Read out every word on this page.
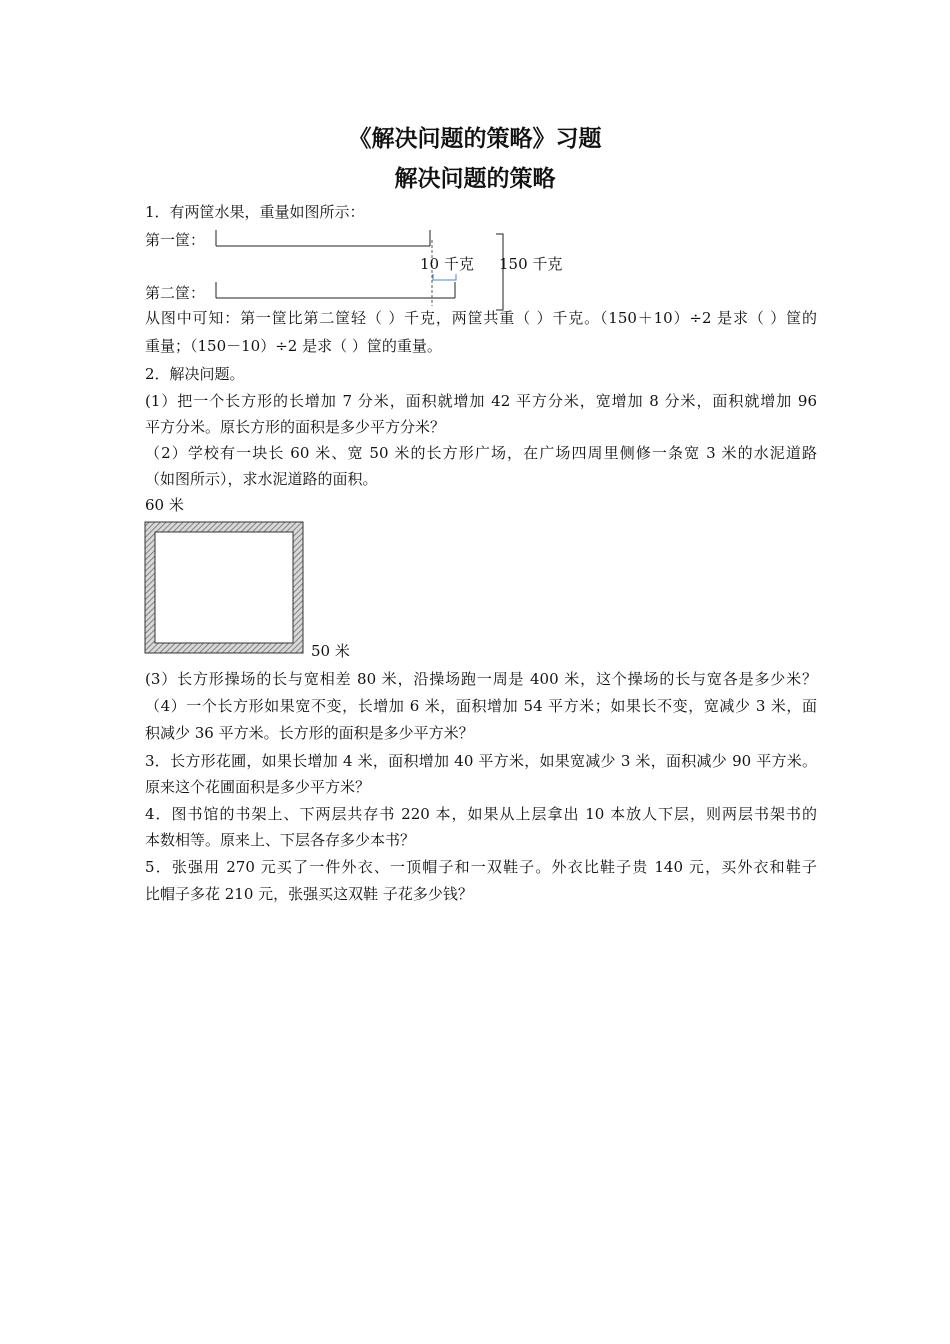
《解决问题的策略》习题
解决问题的策略
1．有两筐水果，重量如图所示：
第一筐：
第二筐：
10 千克 150 千克
从图中可知：第一筐比第二筐轻（ ）千克，两筐共重（ ）千克。（150＋10）÷2 是求（ ）筐的
重量；（150－10）÷2 是求（ ）筐的重量。
2．解决问题。
(1）把一个长方形的长增加 7 分米，面积就增加 42 平方分米，宽增加 8 分米，面积就增加 96
平方分米。原长方形的面积是多少平方分米？
（2）学校有一块长 60 米、宽 50 米的长方形广场，在广场四周里侧修一条宽 3 米的水泥道路
（如图所示），求水泥道路的面积。
60 米
50 米
(3）长方形操场的长与宽相差 80 米，沿操场跑一周是 400 米，这个操场的长与宽各是多少米？
（4）一个长方形如果宽不变，长增加 6 米，面积增加 54 平方米；如果长不变，宽减少 3 米，面
积减少 36 平方米。长方形的面积是多少平方米？
3．长方形花圃，如果长增加 4 米，面积增加 40 平方米，如果宽减少 3 米，面积减少 90 平方米。
原来这个花圃面积是多少平方米？
4．图书馆的书架上、下两层共存书 220 本，如果从上层拿出 10 本放人下层，则两层书架书的
本数相等。原来上、下层各存多少本书？
5．张强用 270 元买了一件外衣、一顶帽子和一双鞋子。外衣比鞋子贵 140 元，买外衣和鞋子
比帽子多花 210 元，张强买这双鞋 子花多少钱？
